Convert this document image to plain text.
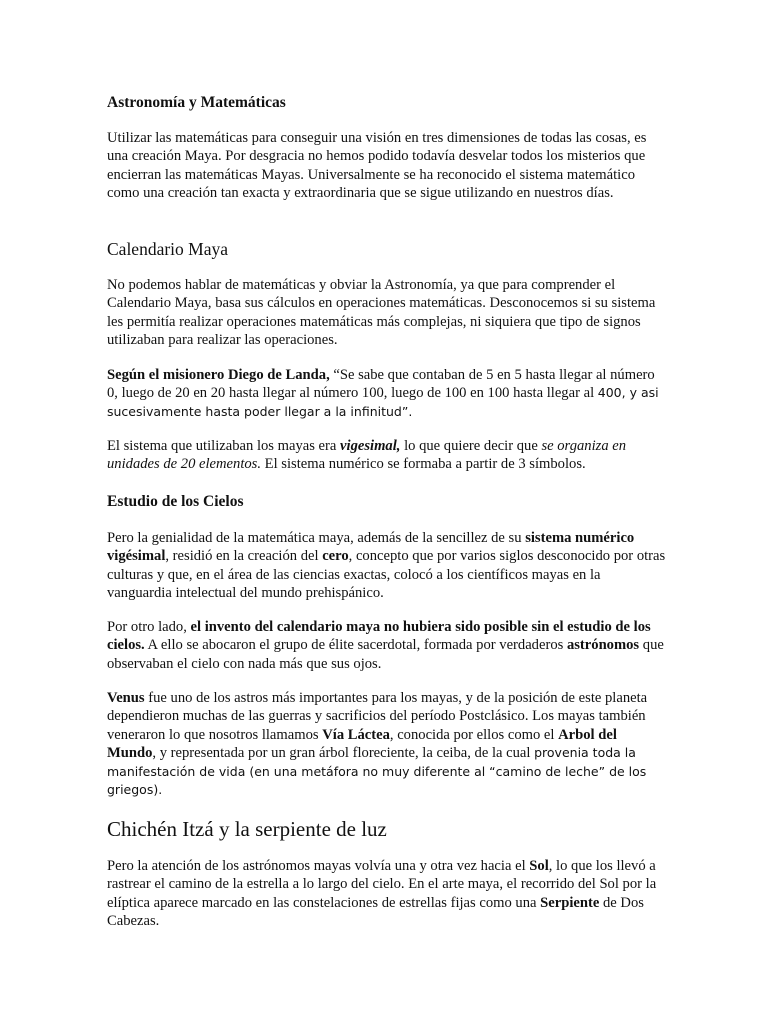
Astronomía y Matemáticas

Utilizar las matemáticas para conseguir una visión en tres dimensiones de todas las cosas, es una creación Maya. Por desgracia no hemos podido todavía desvelar todos los misterios que encierran las matemáticas Mayas. Universalmente se ha reconocido el sistema matemático como una creación tan exacta y extraordinaria que se sigue utilizando en nuestros días.

Calendario Maya

No podemos hablar de matemáticas y obviar la Astronomía, ya que para comprender el Calendario Maya, basa sus cálculos en operaciones matemáticas. Desconocemos si su sistema les permitía realizar operaciones matemáticas más complejas, ni siquiera que tipo de signos utilizaban para realizar las operaciones.

Según el misionero Diego de Landa, “Se sabe que contaban de 5 en 5 hasta llegar al número 0, luego de 20 en 20 hasta llegar al número 100, luego de 100 en 100 hasta llegar al 400, y asi sucesivamente hasta poder llegar a la infinitud”.

El sistema que utilizaban los mayas era vigesimal, lo que quiere decir que se organiza en unidades de 20 elementos. El sistema numérico se formaba a partir de 3 símbolos.

Estudio de los Cielos

Pero la genialidad de la matemática maya, además de la sencillez de su sistema numérico vigésimal, residió en la creación del cero, concepto que por varios siglos desconocido por otras culturas y que, en el área de las ciencias exactas, colocó a los científicos mayas en la vanguardia intelectual del mundo prehispánico.

Por otro lado, el invento del calendario maya no hubiera sido posible sin el estudio de los cielos. A ello se abocaron el grupo de élite sacerdotal, formada por verdaderos astrónomos que observaban el cielo con nada más que sus ojos.

Venus fue uno de los astros más importantes para los mayas, y de la posición de este planeta dependieron muchas de las guerras y sacrificios del período Postclásico. Los mayas también veneraron lo que nosotros llamamos Vía Láctea, conocida por ellos como el Arbol del Mundo, y representada por un gran árbol floreciente, la ceiba, de la cual provenia toda la manifestación de vida (en una metáfora no muy diferente al “camino de leche” de los griegos).

Chichén Itzá y la serpiente de luz

Pero la atención de los astrónomos mayas volvía una y otra vez hacia el Sol, lo que los llevó a rastrear el camino de la estrella a lo largo del cielo. En el arte maya, el recorrido del Sol por la elíptica aparece marcado en las constelaciones de estrellas fijas como una Serpiente de Dos Cabezas.
